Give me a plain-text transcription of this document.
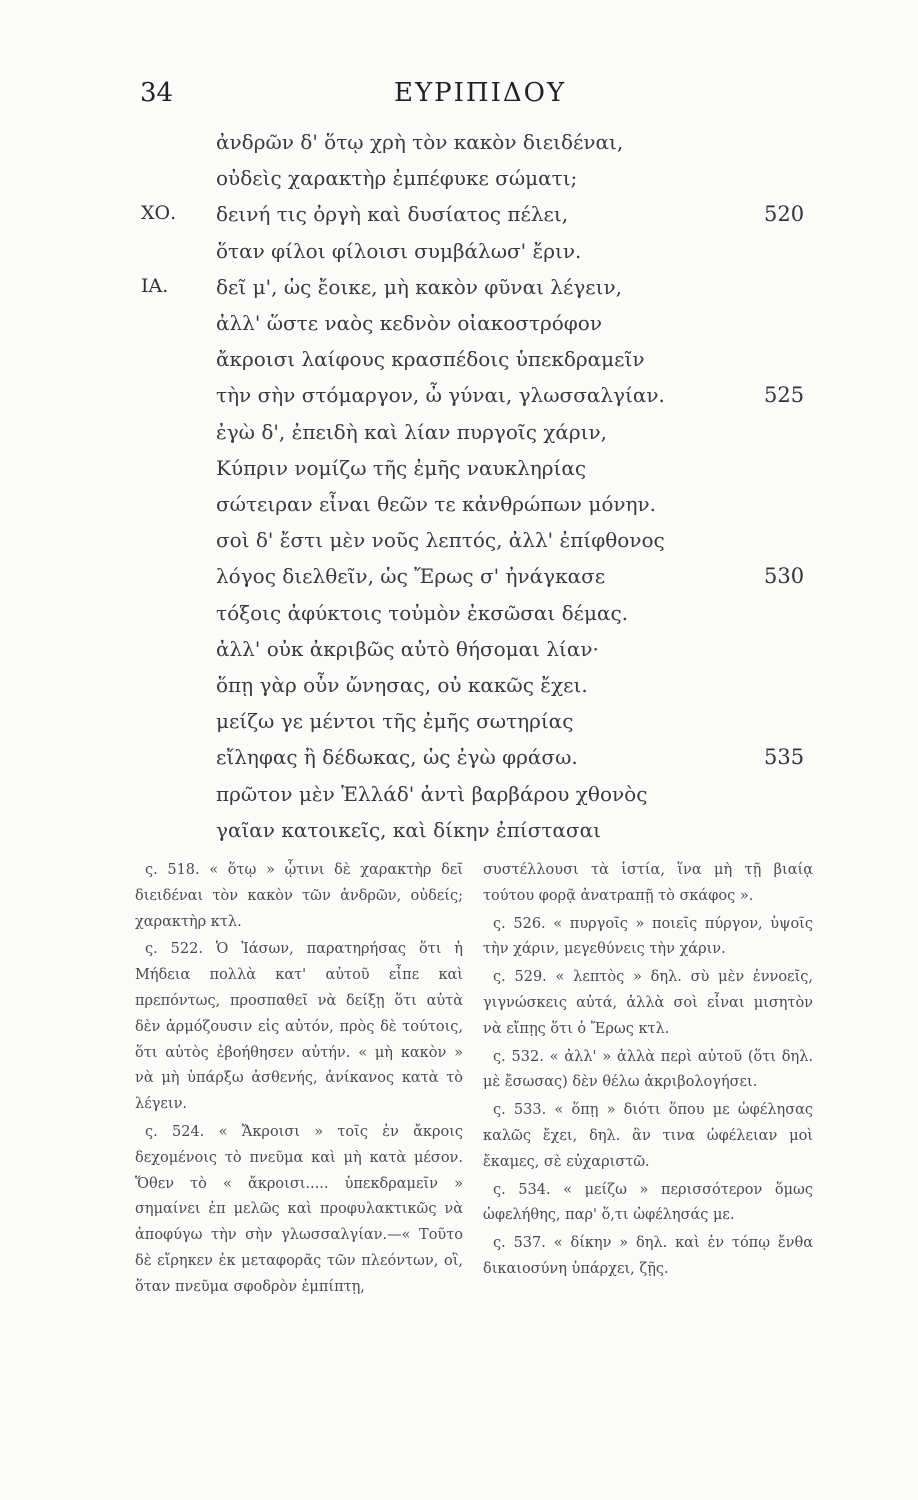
34	ΕΥΡΙΠΙΔΟΥ
ἀνδρῶν δ' ὅτῳ χρὴ τὸν κακὸν διειδέναι,
οὐδεὶς χαρακτὴρ ἐμπέφυκε σώματι;
ΧΟ. δεινή τις ὀργὴ καὶ δυσίατος πέλει,	520
ὅταν φίλοι φίλοισι συμβάλωσ' ἔριν.
ΙΑ. δεῖ μ', ὡς ἔοικε, μὴ κακὸν φῦναι λέγειν,
ἀλλ' ὥστε ναὸς κεδνὸν οἰακοστρόφον
ἄκροισι λαίφους κρασπέδοις ὑπεκδραμεῖν
τὴν σὴν στόμαργον, ὦ γύναι, γλωσσαλγίαν.	525
ἐγὼ δ', ἐπειδὴ καὶ λίαν πυργοῖς χάριν,
Κύπριν νομίζω τῆς ἐμῆς ναυκληρίας
σώτειραν εἶναι θεῶν τε κἀνθρώπων μόνην.
σοὶ δ' ἔστι μὲν νοῦς λεπτός, ἀλλ' ἐπίφθονος
λόγος διελθεῖν, ὡς Ἔρως σ' ἠνάγκασε	530
τόξοις ἀφύκτοις τοὐμὸν ἐκσῶσαι δέμας.
ἀλλ' οὐκ ἀκριβῶς αὐτὸ θήσομαι λίαν·
ὅπῃ γὰρ οὖν ὤνησας, οὐ κακῶς ἔχει.
μείζω γε μέντοι τῆς ἐμῆς σωτηρίας
εἴληφας ἢ δέδωκας, ὡς ἐγὼ φράσω.	535
πρῶτον μὲν Ἑλλάδ' ἀντὶ βαρβάρου χθονὸς
γαῖαν κατοικεῖς, καὶ δίκην ἐπίστασαι

ς. 518. « ὅτῳ » ᾧτινι δὲ χαρακτὴρ δεῖ διειδέναι τὸν κακὸν τῶν ἀνδρῶν, οὐδείς; χαρακτὴρ κτλ.

ς. 522. Ὁ Ἰάσων, παρατηρήσας ὅτι ἡ Μήδεια πολλὰ κατ' αὐτοῦ εἶπε καὶ πρεπόντως, προσπαθεῖ νὰ δείξῃ ὅτι αὐτὰ δὲν ἁρμόζουσιν εἰς αὐτόν, πρὸς δὲ τούτοις, ὅτι αὐτὸς ἐβοήθησεν αὐτήν. « μὴ κακὸν » νὰ μὴ ὑπάρξω ἀσθενής, ἀνίκανος κατὰ τὸ λέγειν.

ς. 524. « Ἄκροισι » τοῖς ἐν ἄκροις δεχομένοις τὸ πνεῦμα καὶ μὴ κατὰ μέσον. Ὅθεν τὸ « ἄκροισι..... ὑπεκδραμεῖν » σημαίνει ἐπ μελῶς καὶ προφυλακτικῶς νὰ ἀποφύγω τὴν σὴν γλωσσαλγίαν.—« Τοῦτο δὲ εἴρηκεν ἐκ μεταφορᾶς τῶν πλεόντων, οἳ, ὅταν πνεῦμα σφοδρὸν ἐμπίπτῃ,

συστέλλουσι τὰ ἱστία, ἵνα μὴ τῇ βιαίᾳ τούτου φορᾷ ἀνατραπῇ τὸ σκάφος ».

ς. 526. « πυργοῖς » ποιεῖς πύργον, ὑψοῖς τὴν χάριν, μεγεθύνεις τὴν χάριν.

ς. 529. « λεπτὸς » δηλ. σὺ μὲν ἐννοεῖς, γιγνώσκεις αὐτά, ἀλλὰ σοὶ εἶναι μισητὸν νὰ εἴπῃς ὅτι ὁ Ἔρως κτλ.

ς. 532. « ἀλλ' » ἀλλὰ περὶ αὐτοῦ (ὅτι δηλ. μὲ ἔσωσας) δὲν θέλω ἀκριβολογήσει.

ς. 533. « ὅπῃ » διότι ὅπου με ὠφέλησας καλῶς ἔχει, δηλ. ἂν τινα ὠφέλειαν μοὶ ἔκαμες, σὲ εὐχαριστῶ.

ς. 534. « μείζω » περισσότερον ὅμως ὠφελήθης, παρ' ὅ,τι ὠφέλησάς με.

ς. 537. « δίκην » δηλ. καὶ ἐν τόπῳ ἔνθα δικαιοσύνη ὑπάρχει, ζῇς.
